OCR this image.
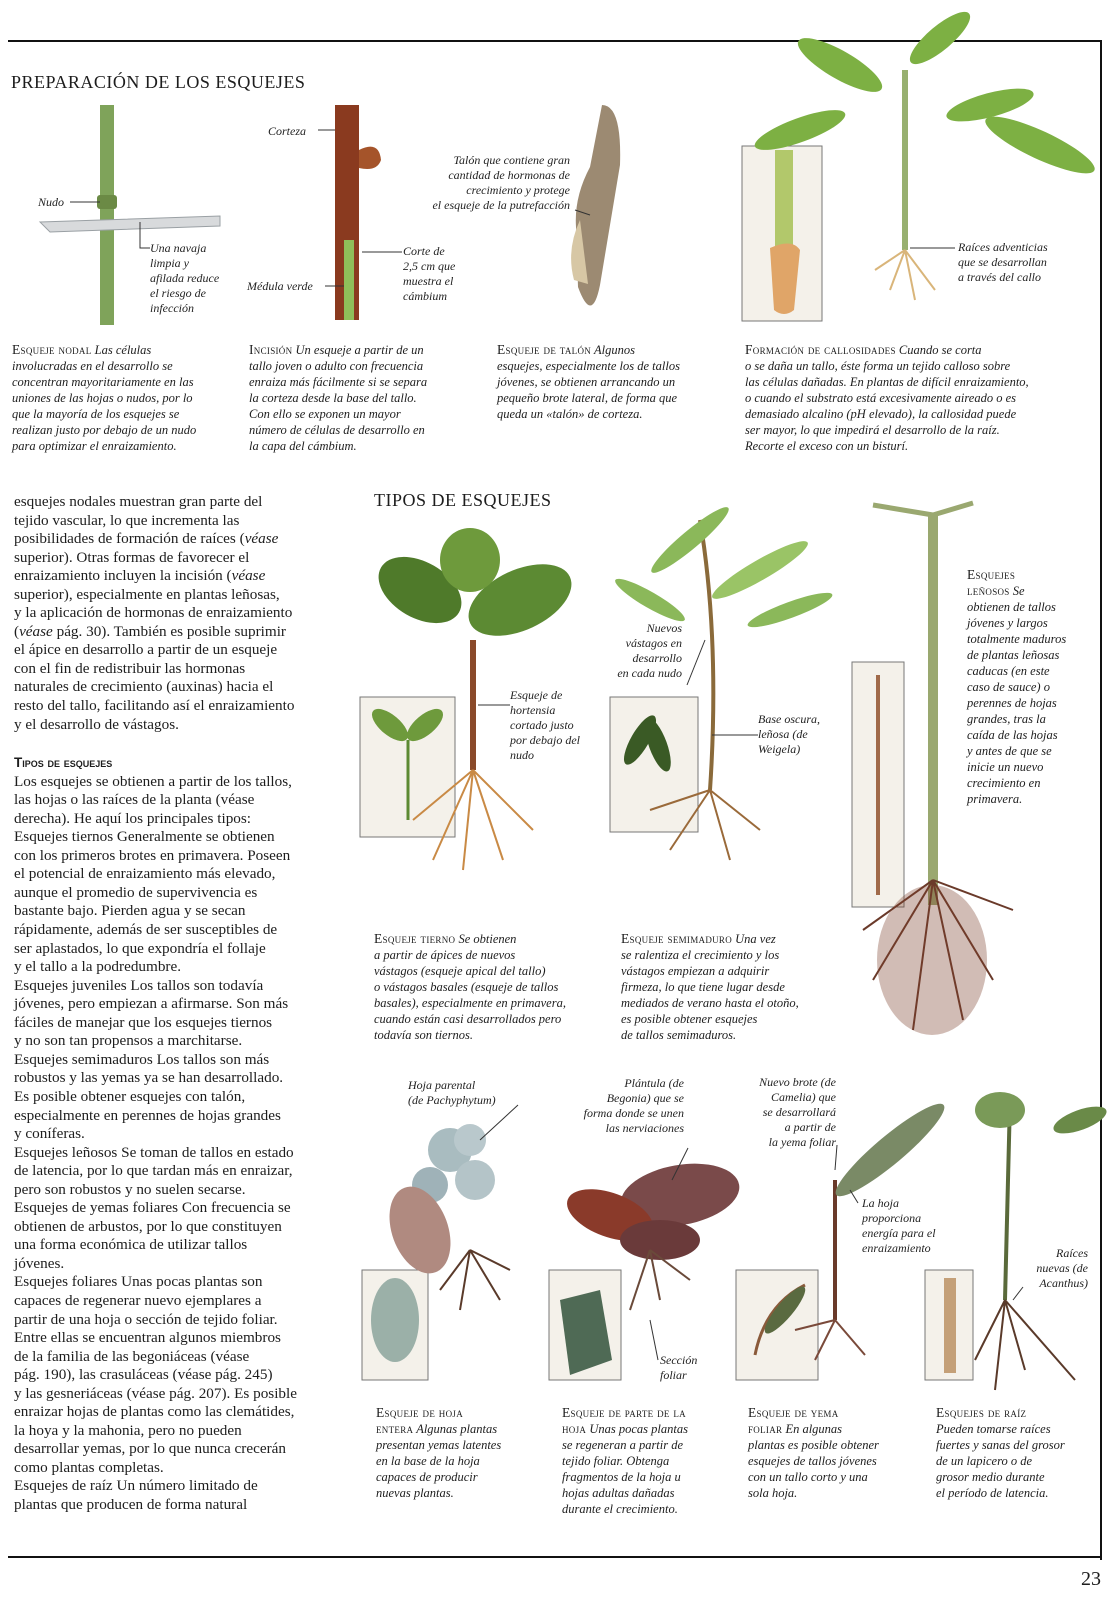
PREPARACIÓN DE LOS ESQUEJES
TIPOS DE ESQUEJES
Nudo
Una navaja
limpia y
afilada reduce
el riesgo de
infección
Corteza
Médula verde
Corte de
2,5 cm que
muestra el
cámbium
Talón que contiene gran
cantidad de hormonas de
crecimiento y protege
el esqueje de la putrefacción
Raíces adventicias
que se desarrollan
a través del callo
Esqueje nodal Las células
involucradas en el desarrollo se
concentran mayoritariamente en las
uniones de las hojas o nudos, por lo
que la mayoría de los esquejes se
realizan justo por debajo de un nudo
para optimizar el enraizamiento.
Incisión Un esqueje a partir de un
tallo joven o adulto con frecuencia
enraiza más fácilmente si se separa
la corteza desde la base del tallo.
Con ello se exponen un mayor
número de células de desarrollo en
la capa del cámbium.
Esqueje de talón Algunos
esquejes, especialmente los de tallos
jóvenes, se obtienen arrancando un
pequeño brote lateral, de forma que
queda un «talón» de corteza.
Formación de callosidades Cuando se corta
o se daña un tallo, éste forma un tejido calloso sobre
las células dañadas. En plantas de difícil enraizamiento,
o cuando el substrato está excesivamente aireado o es
demasiado alcalino (pH elevado), la callosidad puede
ser mayor, lo que impedirá el desarrollo de la raíz.
Recorte el exceso con un bisturí.

esquejes nodales muestran gran parte del
tejido vascular, lo que incrementa las
posibilidades de formación de raíces (véase
superior). Otras formas de favorecer el
enraizamiento incluyen la incisión (véase
superior), especialmente en plantas leñosas,
y la aplicación de hormonas de enraizamiento
(véase pág. 30). También es posible suprimir
el ápice en desarrollo a partir de un esqueje
con el fin de redistribuir las hormonas
naturales de crecimiento (auxinas) hacia el
resto del tallo, facilitando así el enraizamiento
y el desarrollo de vástagos.

Tipos de esquejes
Los esquejes se obtienen a partir de los tallos,
las hojas o las raíces de la planta (véase
derecha). He aquí los principales tipos:
Esquejes tiernos Generalmente se obtienen
con los primeros brotes en primavera. Poseen
el potencial de enraizamiento más elevado,
aunque el promedio de supervivencia es
bastante bajo. Pierden agua y se secan
rápidamente, además de ser susceptibles de
ser aplastados, lo que expondría el follaje
y el tallo a la podredumbre.
Esquejes juveniles Los tallos son todavía
jóvenes, pero empiezan a afirmarse. Son más
fáciles de manejar que los esquejes tiernos
y no son tan propensos a marchitarse.
Esquejes semimaduros Los tallos son más
robustos y las yemas ya se han desarrollado.
Es posible obtener esquejes con talón,
especialmente en perennes de hojas grandes
y coníferas.
Esquejes leñosos Se toman de tallos en estado
de latencia, por lo que tardan más en enraizar,
pero son robustos y no suelen secarse.
Esquejes de yemas foliares Con frecuencia se
obtienen de arbustos, por lo que constituyen
una forma económica de utilizar tallos
jóvenes.
Esquejes foliares Unas pocas plantas son
capaces de regenerar nuevo ejemplares a
partir de una hoja o sección de tejido foliar.
Entre ellas se encuentran algunos miembros
de la familia de las begoniáceas (véase
pág. 190), las crasuláceas (véase pág. 245)
y las gesneriáceas (véase pág. 207). Es posible
enraizar hojas de plantas como las clemátides,
la hoya y la mahonia, pero no pueden
desarrollar yemas, por lo que nunca crecerán
como plantas completas.
Esquejes de raíz Un número limitado de
plantas que producen de forma natural
Esqueje de
hortensia
cortado justo
por debajo del
nudo
Nuevos
vástagos en
desarrollo
en cada nudo
Base oscura,
leñosa (de
Weigela)
Hoja parental
(de Pachyphytum)
Plántula (de
Begonia) que se
forma donde se unen
las nerviaciones
Nuevo brote (de
Camelia) que
se desarrollará
a partir de
la yema foliar
La hoja
proporciona
energía para el
enraizamiento
Sección
foliar
Raíces
nuevas (de
Acanthus)
Esquejes
leñosos Se
obtienen de tallos
jóvenes y largos
totalmente maduros
de plantas leñosas
caducas (en este
caso de sauce) o
perennes de hojas
grandes, tras la
caída de las hojas
y antes de que se
inicie un nuevo
crecimiento en
primavera.
Esqueje tierno Se obtienen
a partir de ápices de nuevos
vástagos (esqueje apical del tallo)
o vástagos basales (esqueje de tallos
basales), especialmente en primavera,
cuando están casi desarrollados pero
todavía son tiernos.
Esqueje semimaduro Una vez
se ralentiza el crecimiento y los
vástagos empiezan a adquirir
firmeza, lo que tiene lugar desde
mediados de verano hasta el otoño,
es posible obtener esquejes
de tallos semimaduros.
Esqueje de hoja
entera Algunas plantas
presentan yemas latentes
en la base de la hoja
capaces de producir
nuevas plantas.
Esqueje de parte de la
hoja Unas pocas plantas
se regeneran a partir de
tejido foliar. Obtenga
fragmentos de la hoja u
hojas adultas dañadas
durante el crecimiento.
Esqueje de yema
foliar En algunas
plantas es posible obtener
esquejes de tallos jóvenes
con un tallo corto y una
sola hoja.
Esquejes de raíz
Pueden tomarse raíces
fuertes y sanas del grosor
de un lapicero o de
grosor medio durante
el período de latencia.
23
